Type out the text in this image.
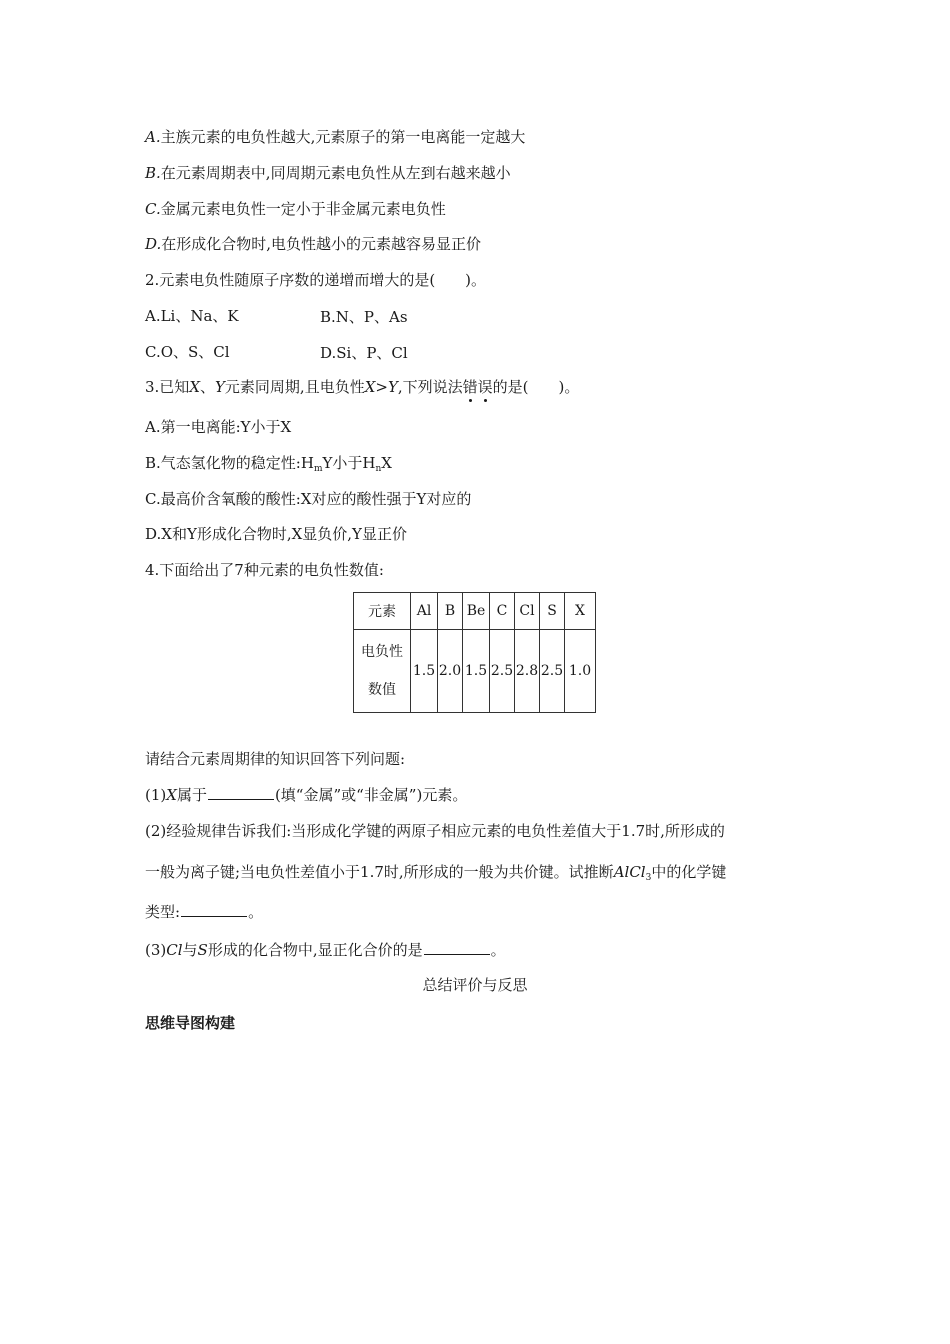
A.主族元素的电负性越大,元素原子的第一电离能一定越大
B.在元素周期表中,同周期元素电负性从左到右越来越小
C.金属元素电负性一定小于非金属元素电负性
D.在形成化合物时,电负性越小的元素越容易显正价
2.元素电负性随原子序数的递增而增大的是(  )。
A.Li、Na、K	B.N、P、As
C.O、S、Cl	D.Si、P、Cl
3.已知X、Y元素同周期,且电负性X>Y,下列说法错误的是(  )。
A.第一电离能:Y小于X
B.气态氢化物的稳定性$:H_mY$小于$H_nX$
C.最高价含氧酸的酸性:X对应的酸性强于Y对应的
D.X和Y形成化合物时,X显负价,Y显正价
4.下面给出了7种元素的电负性数值:
元素	Al	B	Be	C	Cl	S	X

电负性
数值	1.5	2.0	1.5	2.5	2.8	2.5	1.0
请结合元素周期律的知识回答下列问题:
(1)X属于	(填“金属”或“非金属”)元素。
(2)经验规律告诉我们:当形成化学键的两原子相应元素的电负性差值大于1.7时,所形成的
一般为离子键;当电负性差值小于1.7时,所形成的一般为共价键。试推断AlCl$_3$中的化学键
类型:	。
(3)Cl与S形成的化合物中,显正化合价的是	。
总结评价与反思
思维导图构建
